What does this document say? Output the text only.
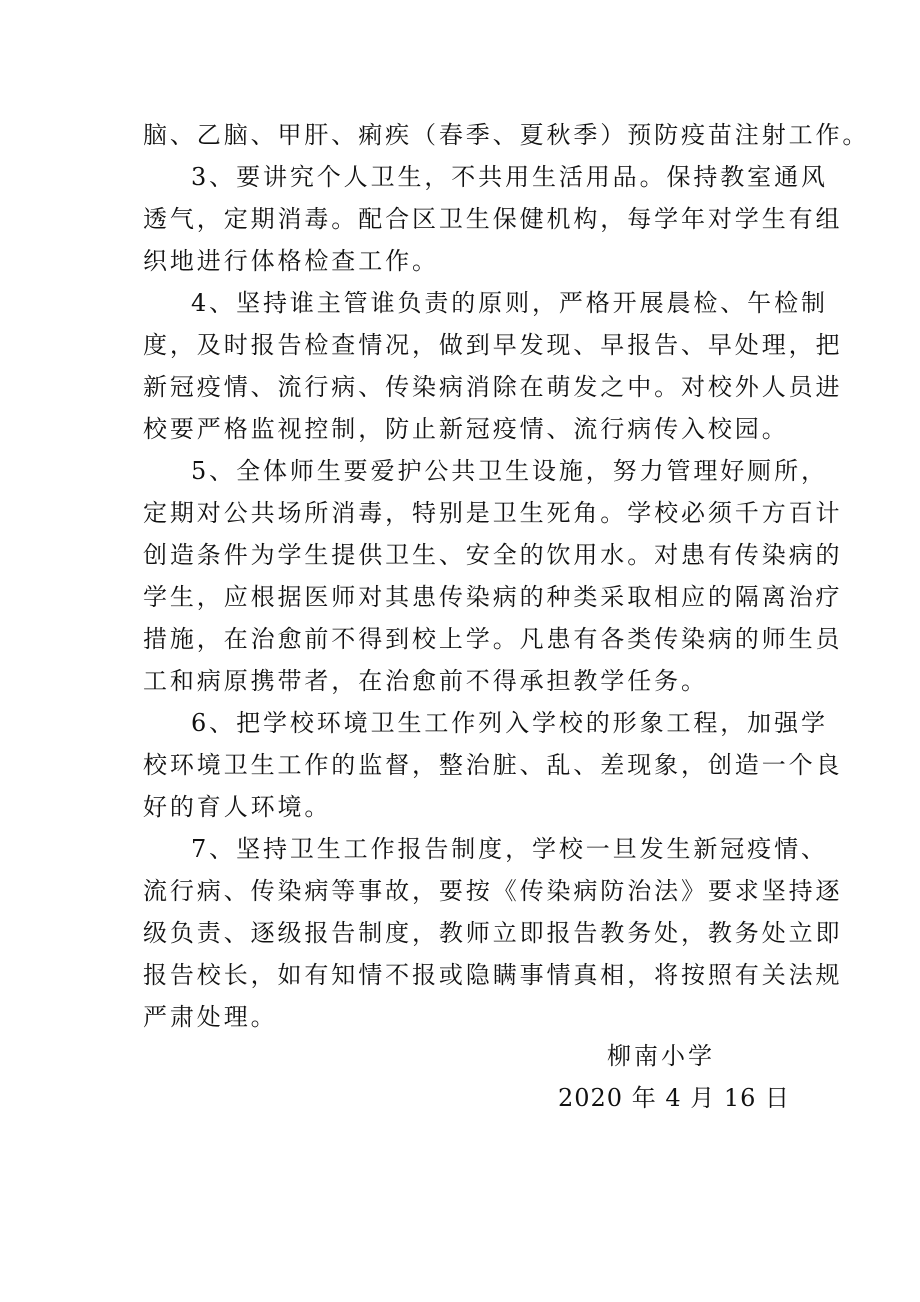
脑、乙脑、甲肝、痢疾（春季、夏秋季）预防疫苗注射工作。
3、要讲究个人卫生，不共用生活用品。保持教室通风
透气，定期消毒。配合区卫生保健机构，每学年对学生有组
织地进行体格检查工作。
4、坚持谁主管谁负责的原则，严格开展晨检、午检制
度，及时报告检查情况，做到早发现、早报告、早处理，把
新冠疫情、流行病、传染病消除在萌发之中。对校外人员进
校要严格监视控制，防止新冠疫情、流行病传入校园。
5、全体师生要爱护公共卫生设施，努力管理好厕所，
定期对公共场所消毒，特别是卫生死角。学校必须千方百计
创造条件为学生提供卫生、安全的饮用水。对患有传染病的
学生，应根据医师对其患传染病的种类采取相应的隔离治疗
措施，在治愈前不得到校上学。凡患有各类传染病的师生员
工和病原携带者，在治愈前不得承担教学任务。
6、把学校环境卫生工作列入学校的形象工程，加强学
校环境卫生工作的监督，整治脏、乱、差现象，创造一个良
好的育人环境。
7、坚持卫生工作报告制度，学校一旦发生新冠疫情、
流行病、传染病等事故，要按《传染病防治法》要求坚持逐
级负责、逐级报告制度，教师立即报告教务处，教务处立即
报告校长，如有知情不报或隐瞒事情真相，将按照有关法规
严肃处理。
柳南小学
2020 年 4 月 16 日
